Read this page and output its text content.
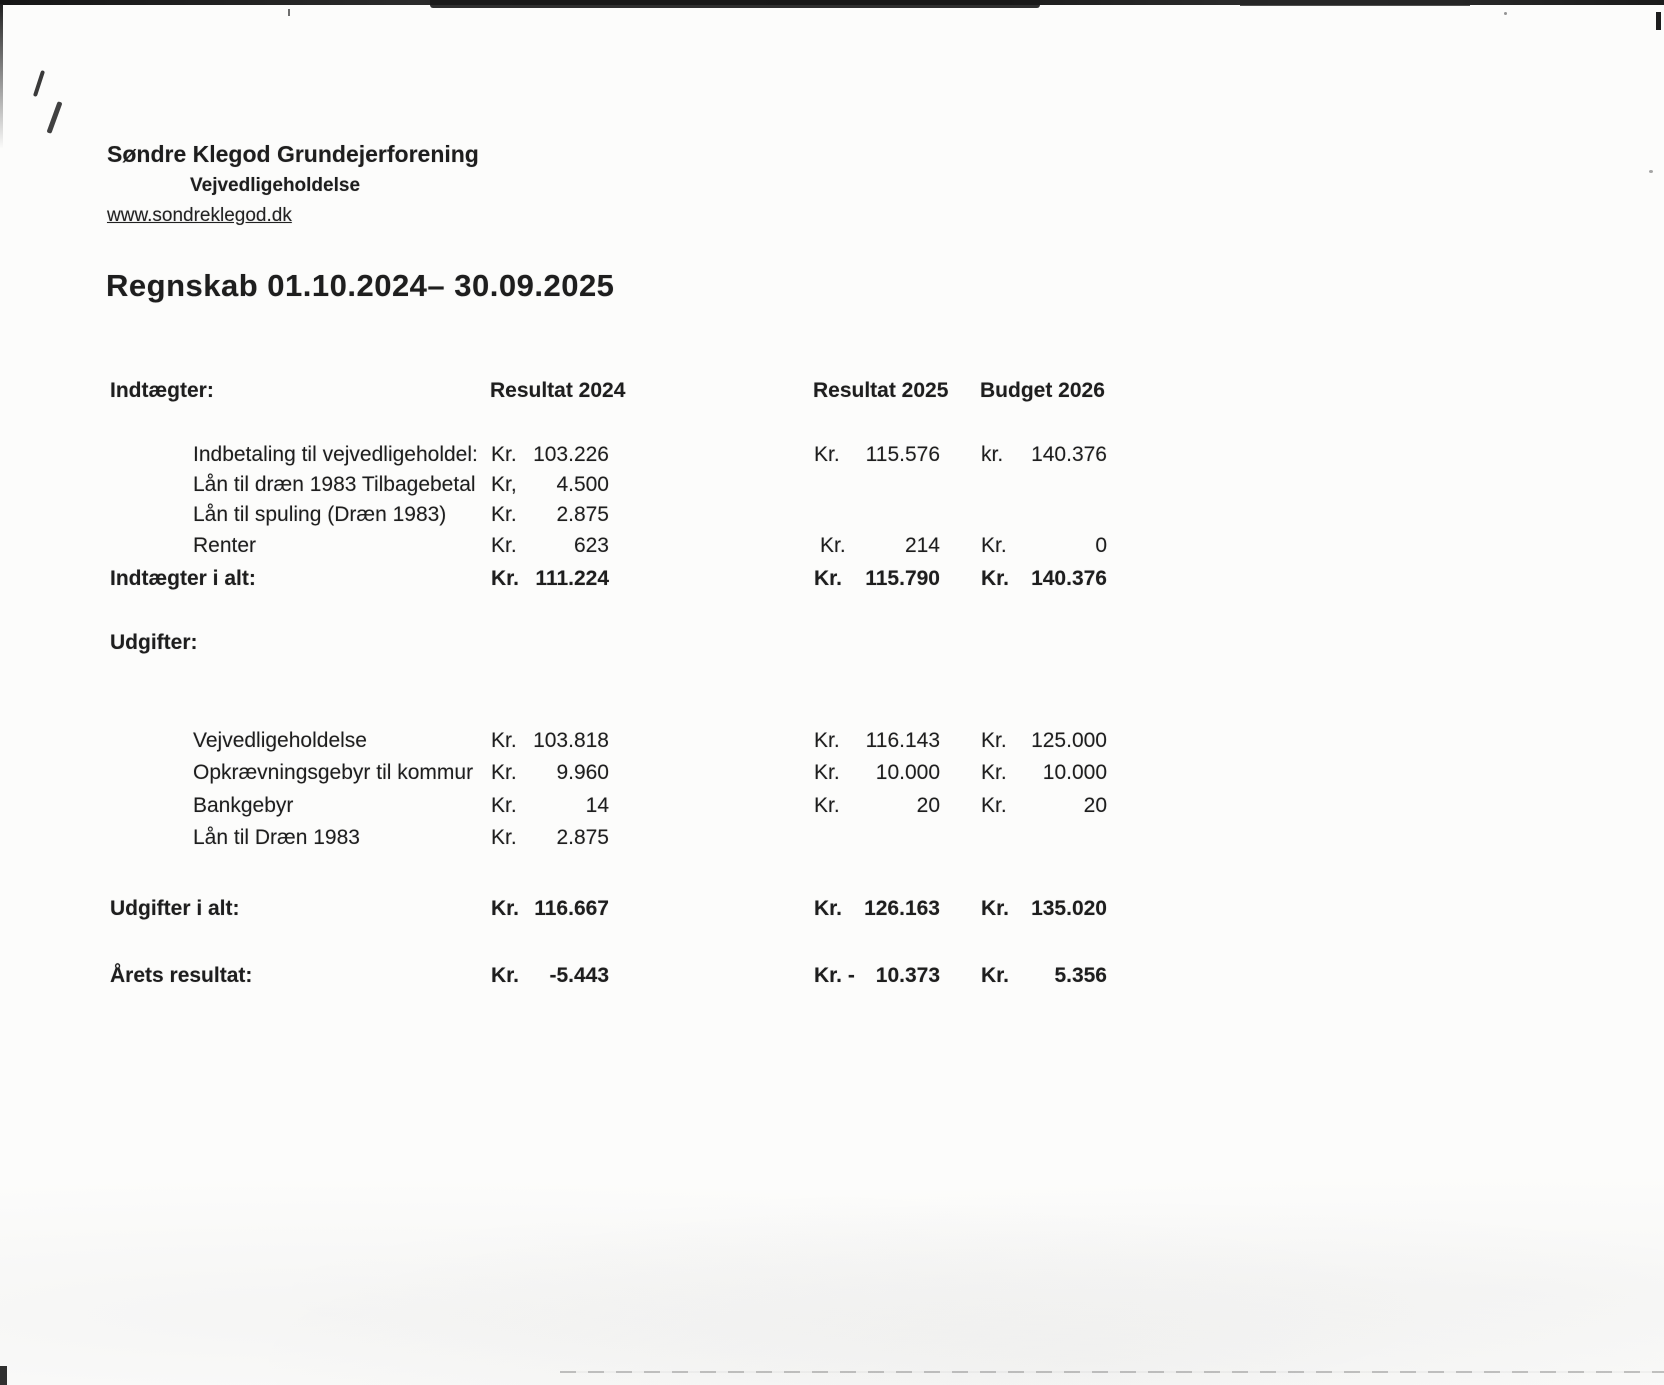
Søndre Klegod Grundejerforening
Vejvedligeholdelse
www.sondreklegod.dk
Regnskab 01.10.2024– 30.09.2025
Indtægter:	Resultat 2024	Resultat 2025 Budget 2026
Indbetaling til vejvedligeholdel: Kr. 103.226	Kr.	115.576 kr.	140.376
Lån til dræn 1983 Tilbagebetal Kr,	4.500
Lån til spuling (Dræn 1983) Kr.	2.875
Renter	Kr.	623	Kr.	214 Kr.	0
Indtægter i alt:	Kr. 111.224	Kr.	115.790 Kr.	140.376
Udgifter:
Vejvedligeholdelse	Kr. 103.818	Kr.	116.143 Kr.	125.000
Opkrævningsgebyr til kommur Kr.	9.960	Kr.	10.000 Kr.	10.000
Bankgebyr	Kr.	14	Kr.	20 Kr.	20
Lån til Dræn 1983	Kr.	2.875
Udgifter i alt:	Kr. 116.667	Kr.	126.163 Kr.	135.020
Årets resultat:	Kr.	-5.443	Kr. - 10.373 Kr.	5.356
